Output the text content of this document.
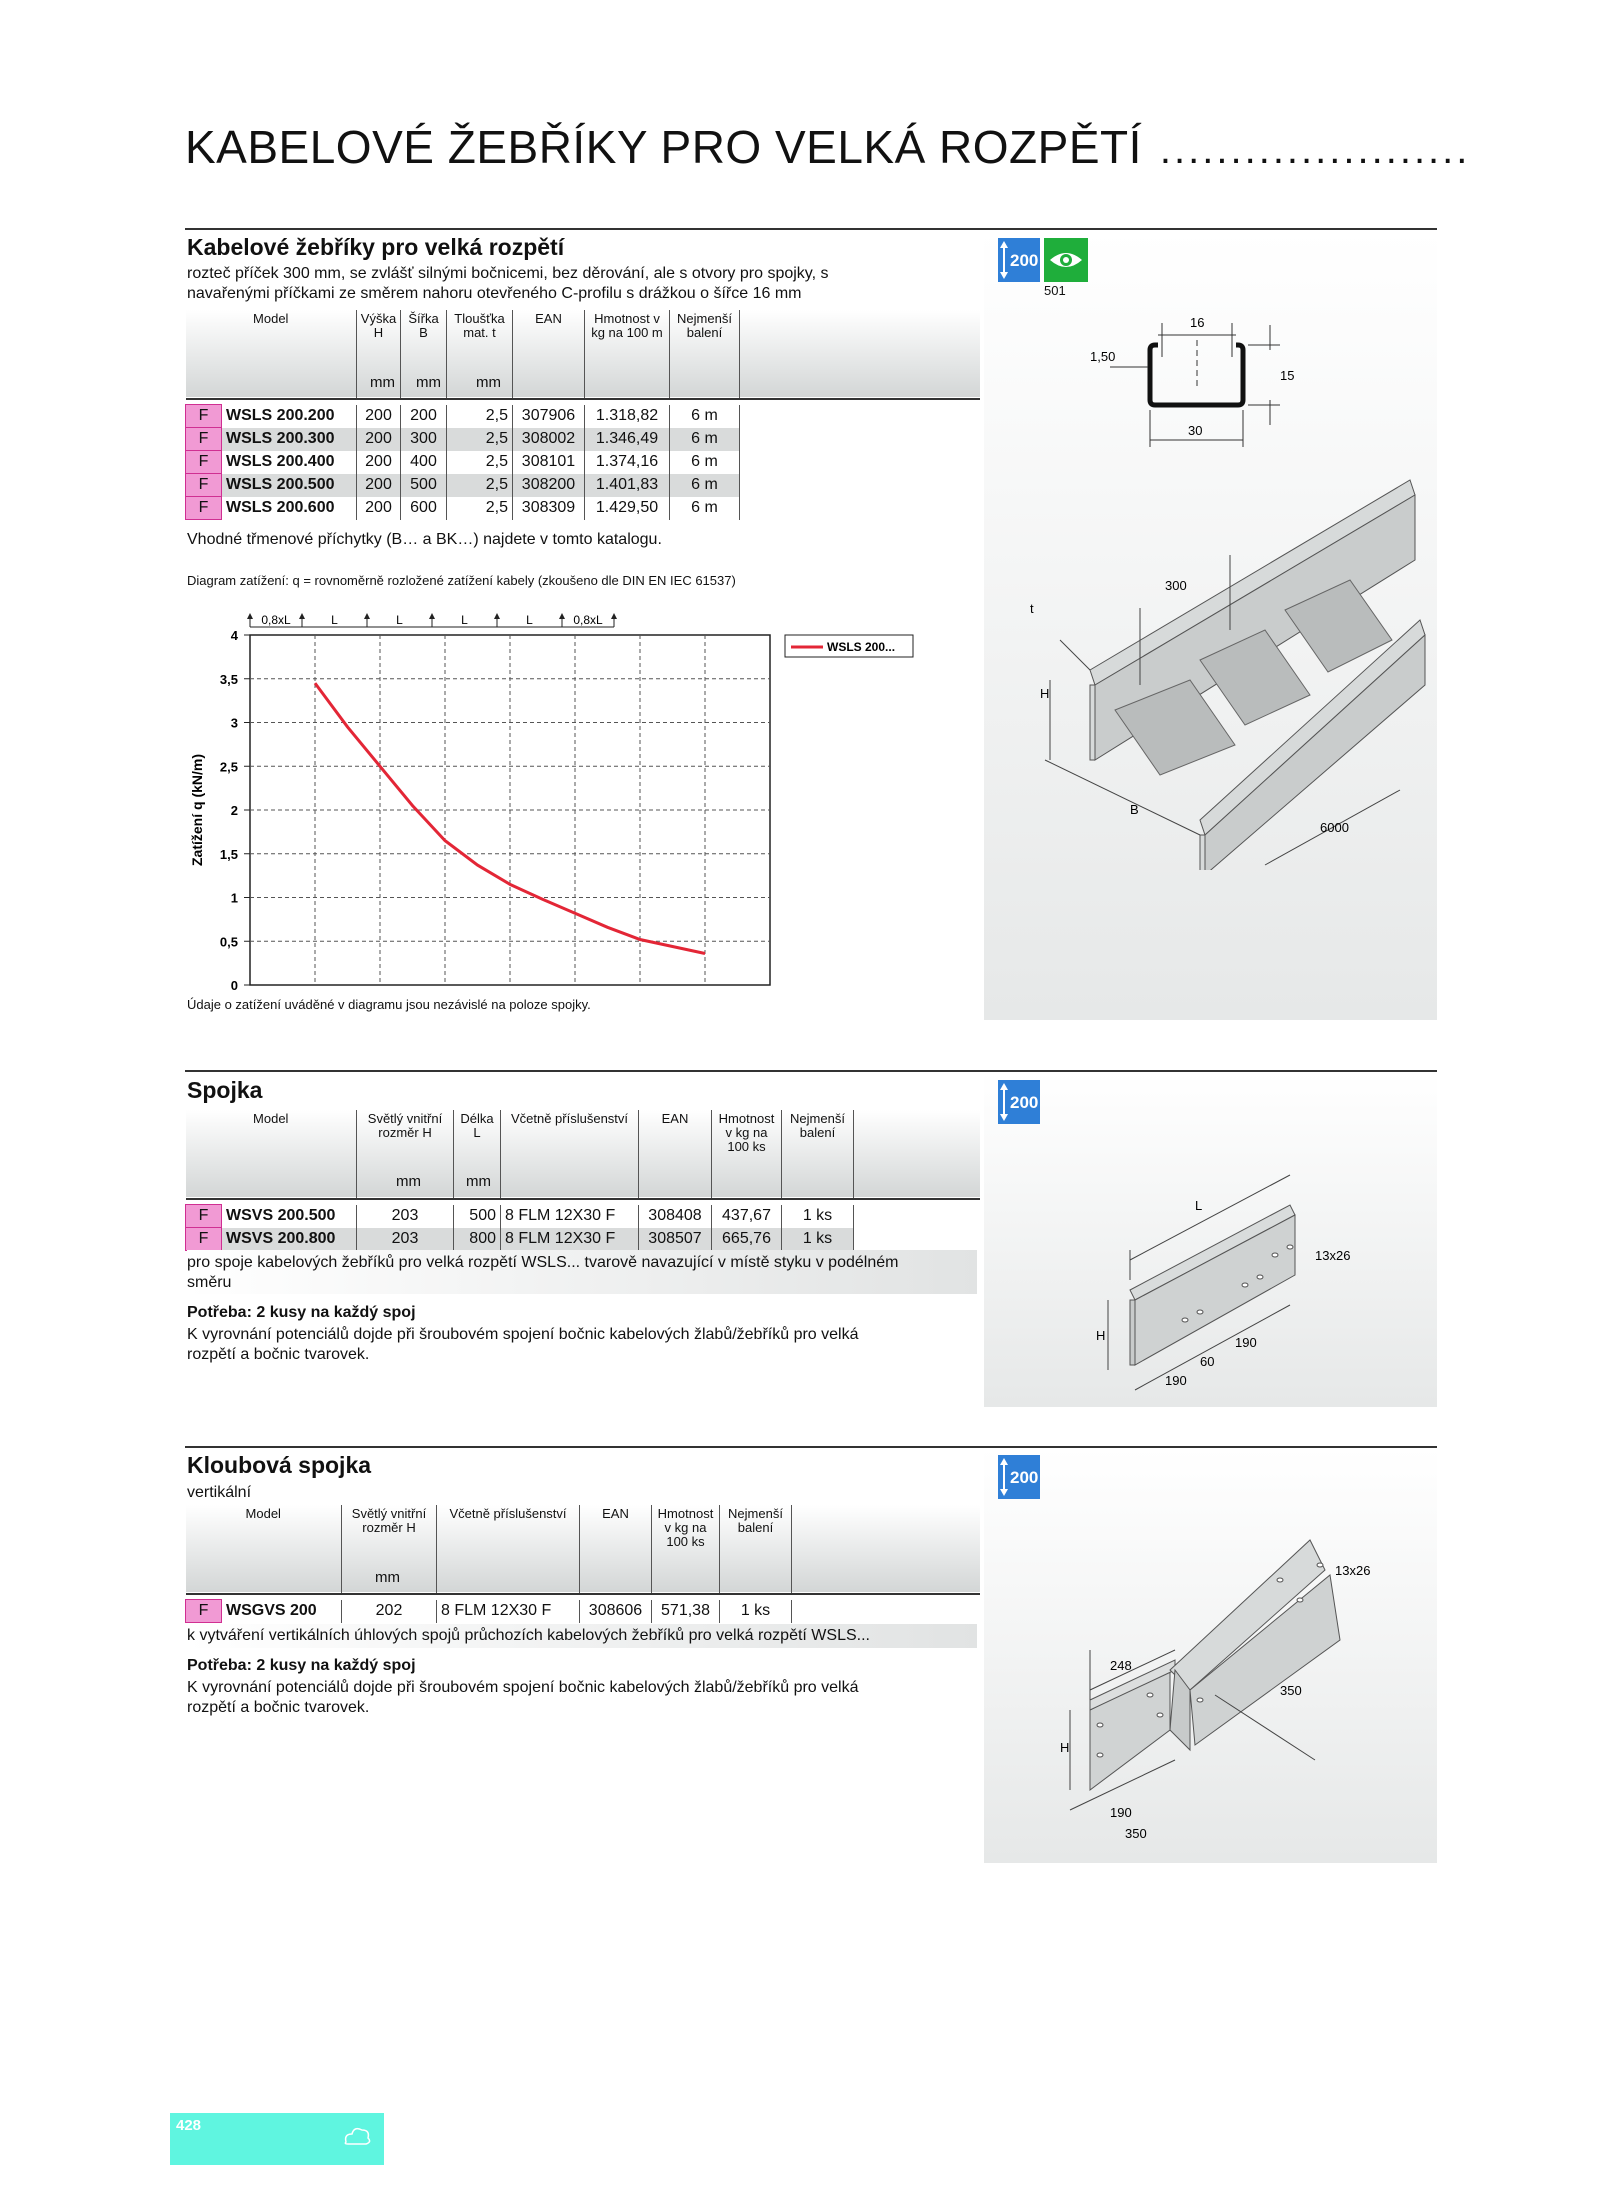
KABELOVÉ ŽEBŘÍKY PRO VELKÁ ROZPĚTÍ ......................
Kabelové žebříky pro velká rozpětí
rozteč příček 300 mm, se zvlášť silnými bočnicemi, bez děrování, ale s otvory pro spojky, s
navařenými příčkami ze směrem nahoru otevřeného C-profilu s drážkou o šířce 16 mm
Model		Výška H	Šířka B	Tloušťka mat. t	EAN	Hmotnost v kg na 100 m	Nejmenší balení	

F	WSLS 200.200	200	200	2,5	307906	1.318,82	6 m	
F	WSLS 200.300	200	300	2,5	308002	1.346,49	6 m	
F	WSLS 200.400	200	400	2,5	308101	1.374,16	6 m	
F	WSLS 200.500	200	500	2,5	308200	1.401,83	6 m	
F	WSLS 200.600	200	600	2,5	308309	1.429,50	6 m	
mm mm mm
Vhodné třmenové příchytky (B… a BK…) najdete v tomto katalogu.
200
501
16
1,50
15
30
t
300
H
B
6000
Diagram zatížení: q = rovnoměrně rozložené zatížení kabely (zkoušeno dle DIN EN IEC 61537)
0
0,5
1
1,5
2
2,5
3
3,5
4
Zatížení q (kN/m)
0,8xL	L	L	L	L	0,8xL
WSLS 200...
Údaje o zatížení uváděné v diagramu jsou nezávislé na poloze spojky.
Spojka
Model		Světlý vnitřní rozměr H	Délka L	Včetně příslušenství	EAN	Hmotnost v kg na 100 ks	Nejmenší balení	

F	WSVS 200.500	203	500	8 FLM 12X30 F	308408	437,67	1 ks	
F	WSVS 200.800	203	800	8 FLM 12X30 F	308507	665,76	1 ks	
mm	mm
pro spoje kabelových žebříků pro velká rozpětí WSLS... tvarově navazující v místě styku v podélném
směru
Potřeba: 2 kusy na každý spoj
K vyrovnání potenciálů dojde při šroubovém spojení bočnic kabelových žlabů/žebříků pro velká
rozpětí a bočnic tvarovek.
200
L
13x26
H
190
60
190
Kloubová spojka
vertikální
Model		Světlý vnitřní rozměr H	Včetně příslušenství	EAN	Hmotnost v kg na 100 ks	Nejmenší balení	

F	WSGVS 200	202	8 FLM 12X30 F	308606	571,38	1 ks	
mm
k vytváření vertikálních úhlových spojů průchozích kabelových žebříků pro velká rozpětí WSLS...
Potřeba: 2 kusy na každý spoj
K vyrovnání potenciálů dojde při šroubovém spojení bočnic kabelových žlabů/žebříků pro velká
rozpětí a bočnic tvarovek.
200
248
13x26
350
H
190
350
428
